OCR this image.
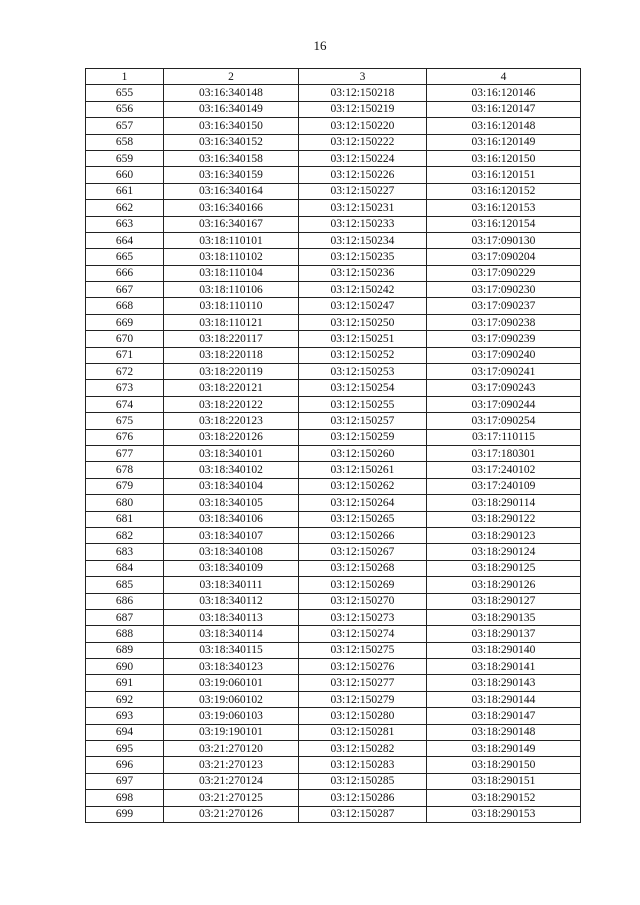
16
1	2	3	4
655	03:16:340148	03:12:150218	03:16:120146
656	03:16:340149	03:12:150219	03:16:120147
657	03:16:340150	03:12:150220	03:16:120148
658	03:16:340152	03:12:150222	03:16:120149
659	03:16:340158	03:12:150224	03:16:120150
660	03:16:340159	03:12:150226	03:16:120151
661	03:16:340164	03:12:150227	03:16:120152
662	03:16:340166	03:12:150231	03:16:120153
663	03:16:340167	03:12:150233	03:16:120154
664	03:18:110101	03:12:150234	03:17:090130
665	03:18:110102	03:12:150235	03:17:090204
666	03:18:110104	03:12:150236	03:17:090229
667	03:18:110106	03:12:150242	03:17:090230
668	03:18:110110	03:12:150247	03:17:090237
669	03:18:110121	03:12:150250	03:17:090238
670	03:18:220117	03:12:150251	03:17:090239
671	03:18:220118	03:12:150252	03:17:090240
672	03:18:220119	03:12:150253	03:17:090241
673	03:18:220121	03:12:150254	03:17:090243
674	03:18:220122	03:12:150255	03:17:090244
675	03:18:220123	03:12:150257	03:17:090254
676	03:18:220126	03:12:150259	03:17:110115
677	03:18:340101	03:12:150260	03:17:180301
678	03:18:340102	03:12:150261	03:17:240102
679	03:18:340104	03:12:150262	03:17:240109
680	03:18:340105	03:12:150264	03:18:290114
681	03:18:340106	03:12:150265	03:18:290122
682	03:18:340107	03:12:150266	03:18:290123
683	03:18:340108	03:12:150267	03:18:290124
684	03:18:340109	03:12:150268	03:18:290125
685	03:18:340111	03:12:150269	03:18:290126
686	03:18:340112	03:12:150270	03:18:290127
687	03:18:340113	03:12:150273	03:18:290135
688	03:18:340114	03:12:150274	03:18:290137
689	03:18:340115	03:12:150275	03:18:290140
690	03:18:340123	03:12:150276	03:18:290141
691	03:19:060101	03:12:150277	03:18:290143
692	03:19:060102	03:12:150279	03:18:290144
693	03:19:060103	03:12:150280	03:18:290147
694	03:19:190101	03:12:150281	03:18:290148
695	03:21:270120	03:12:150282	03:18:290149
696	03:21:270123	03:12:150283	03:18:290150
697	03:21:270124	03:12:150285	03:18:290151
698	03:21:270125	03:12:150286	03:18:290152
699	03:21:270126	03:12:150287	03:18:290153
